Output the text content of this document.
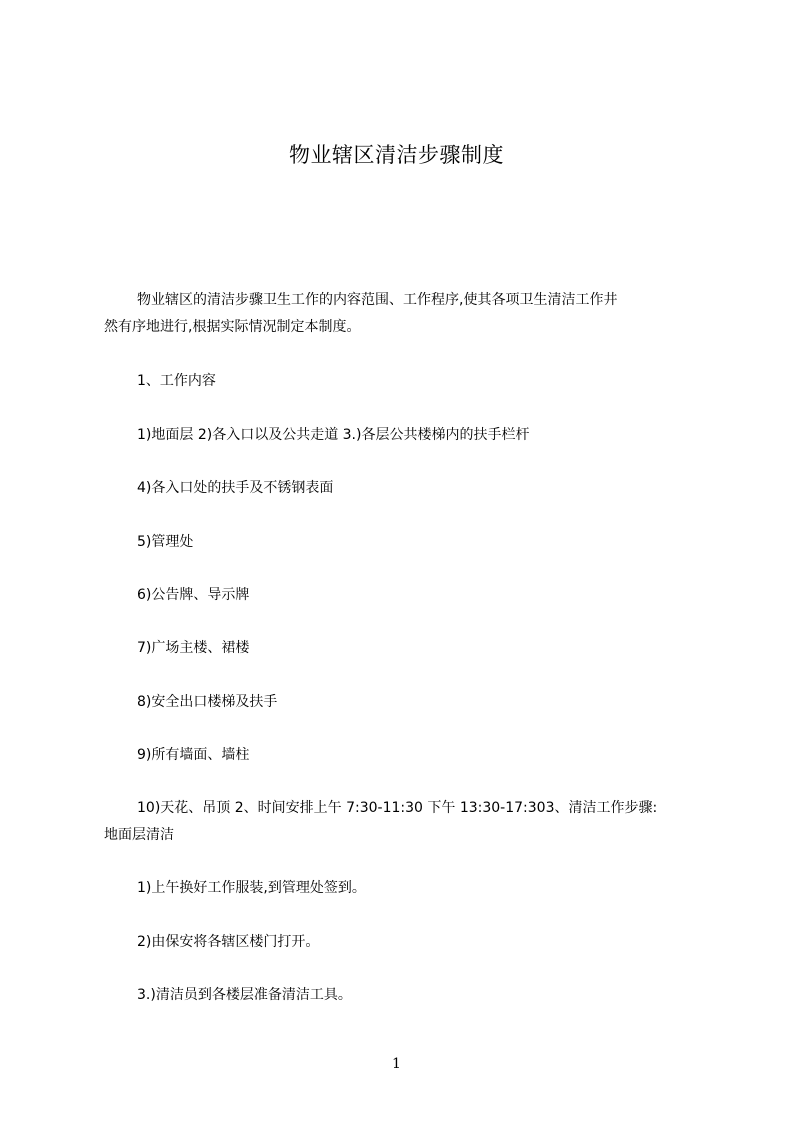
物业辖区清洁步骤制度

物业辖区的清洁步骤卫生工作的内容范围、工作程序,使其各项卫生清洁工作井

然有序地进行,根据实际情况制定本制度。

1、工作内容

1)地面层 2)各入口以及公共走道 3.)各层公共楼梯内的扶手栏杆

4)各入口处的扶手及不锈钢表面

5)管理处

6)公告牌、导示牌

7)广场主楼、裙楼

8)安全出口楼梯及扶手

9)所有墙面、墙柱

10)天花、吊顶 2、时间安排上午 7:30-11:30 下午 13:30-17:303、清洁工作步骤:

地面层清洁

1)上午换好工作服装,到管理处签到。

2)由保安将各辖区楼门打开。

3.)清洁员到各楼层准备清洁工具。

1
